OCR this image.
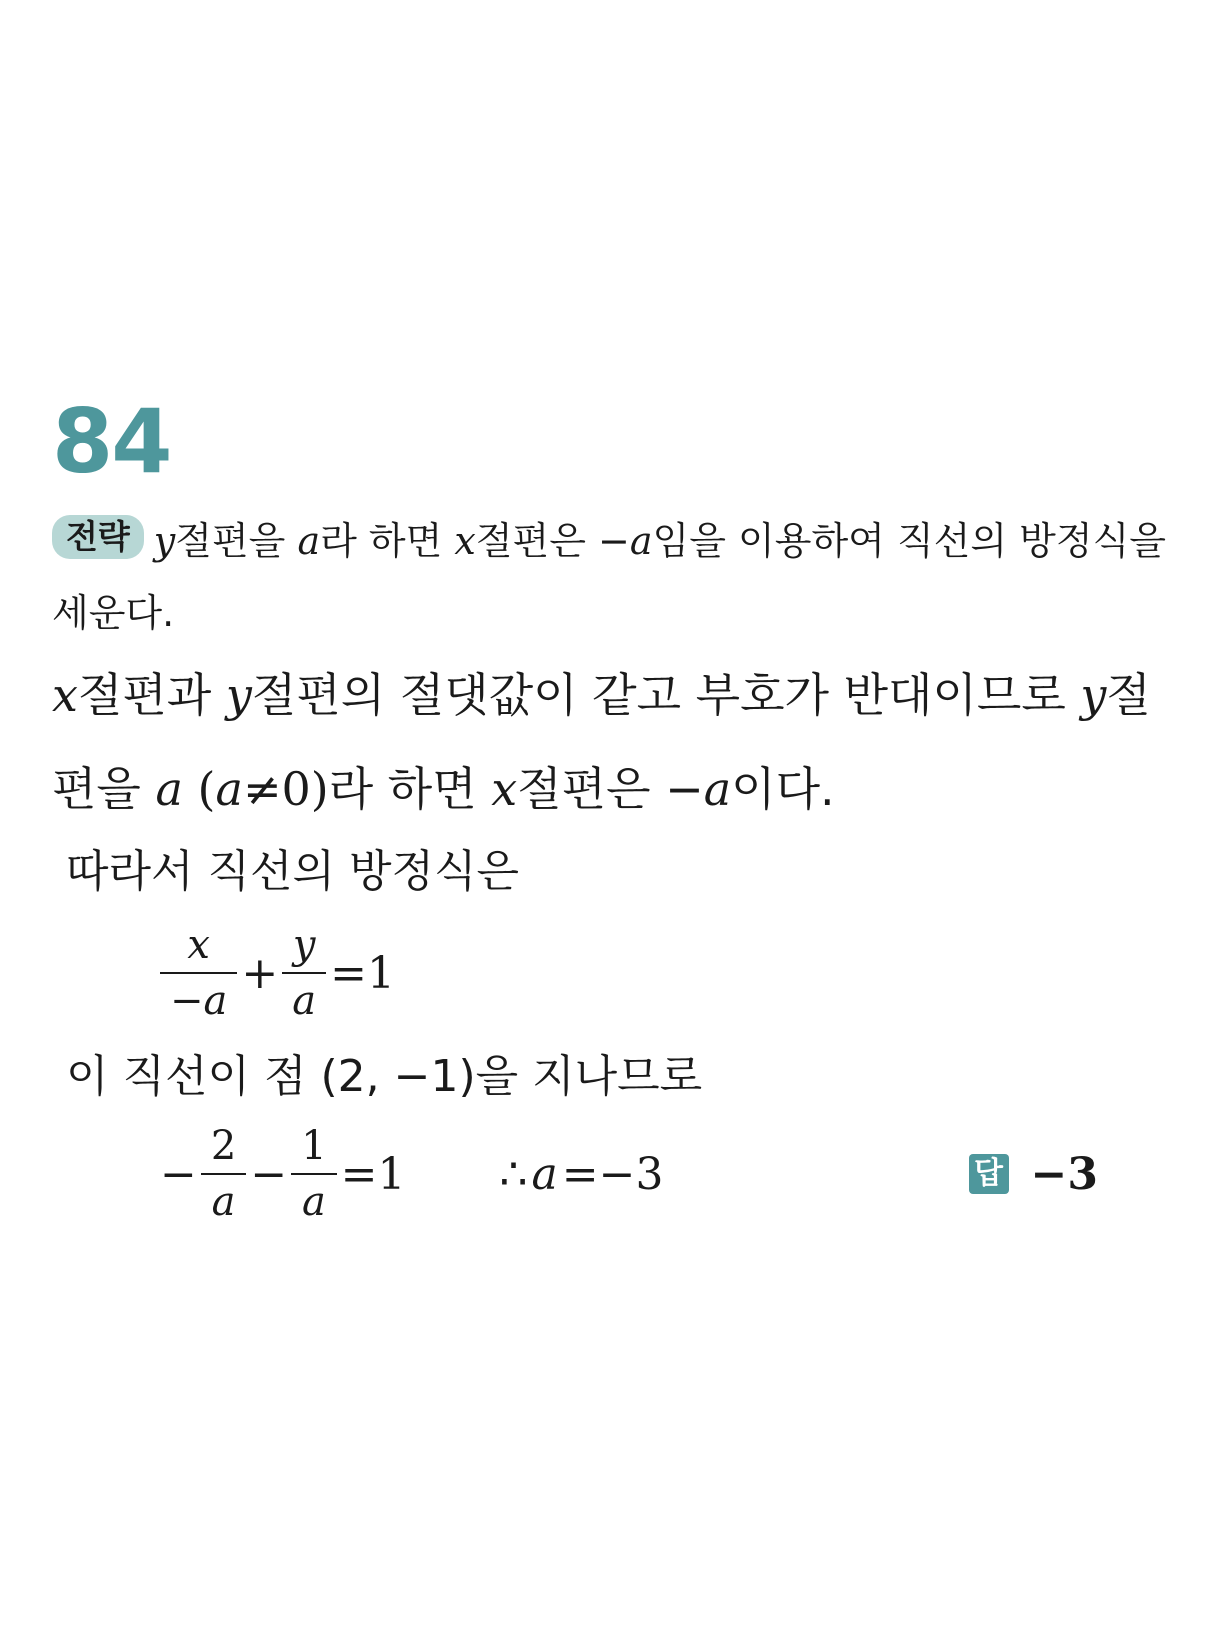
84
전략 y절편을 a라 하면 x절편은 −a임을 이용하여 직선의 방정식을 세운다.
x절편과 y절편의 절댓값이 같고 부호가 반대이므로 y절편을 a (a≠0)라 하면 x절편은 −a이다.
따라서 직선의 방정식은
$\frac{x}{-a} + \frac{y}{a} =1$
이 직선이 점 (2, −1)을 지나므로
− $\frac{2}{a} - \frac{1}{a} =1$ ∴ a =−3	답 −3
